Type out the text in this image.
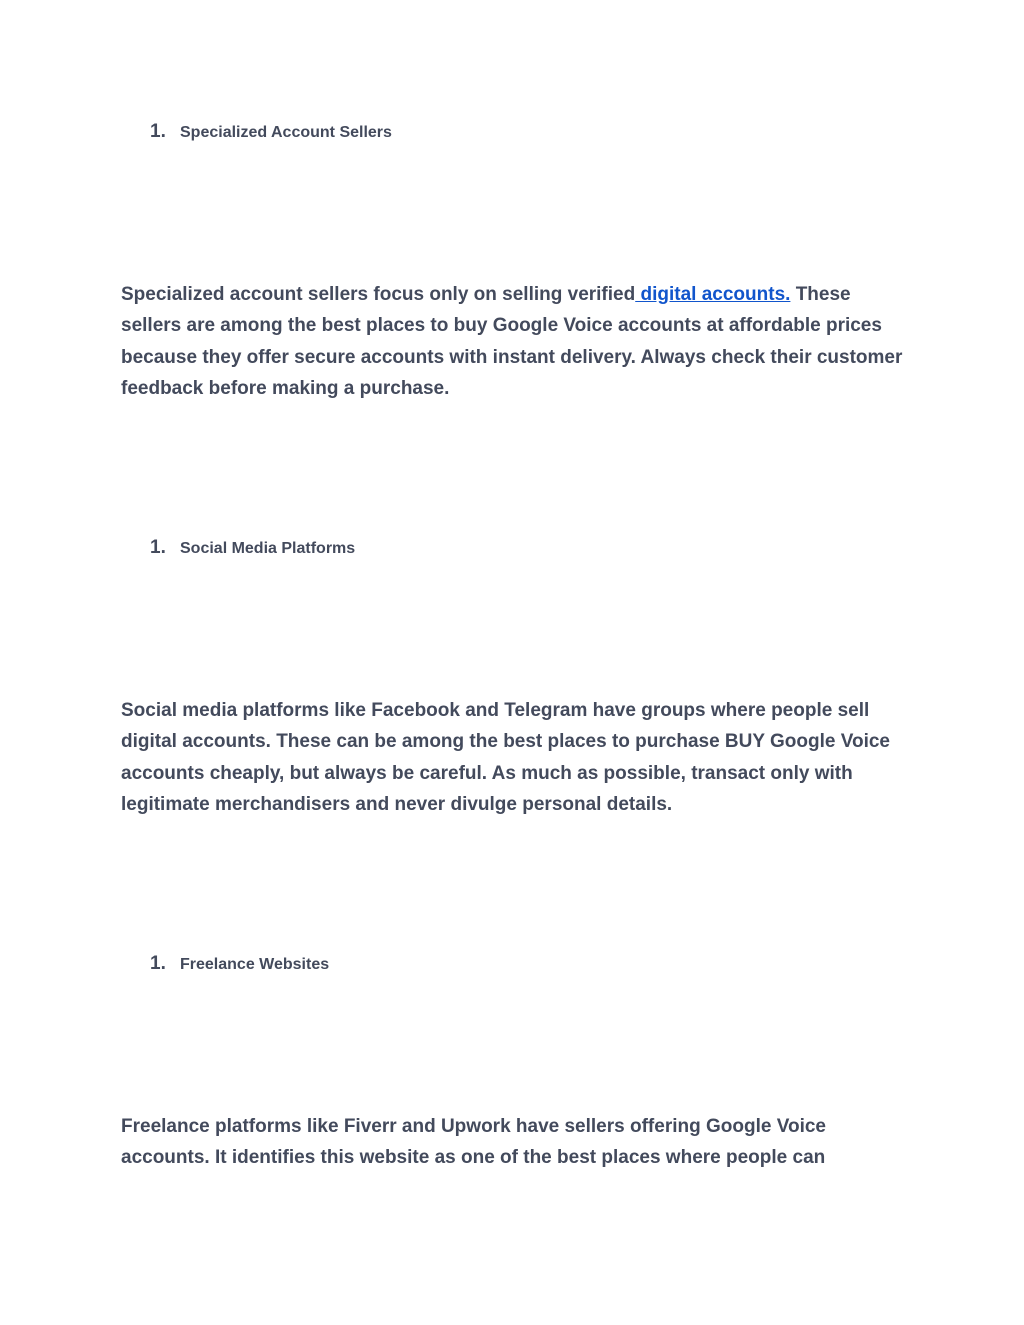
1. Specialized Account Sellers

Specialized account sellers focus only on selling verified digital accounts. These sellers are among the best places to buy Google Voice accounts at affordable prices because they offer secure accounts with instant delivery. Always check their customer feedback before making a purchase.

1. Social Media Platforms

Social media platforms like Facebook and Telegram have groups where people sell digital accounts. These can be among the best places to purchase BUY Google Voice accounts cheaply, but always be careful. As much as possible, transact only with legitimate merchandisers and never divulge personal details.

1. Freelance Websites

Freelance platforms like Fiverr and Upwork have sellers offering Google Voice accounts. It identifies this website as one of the best places where people can
